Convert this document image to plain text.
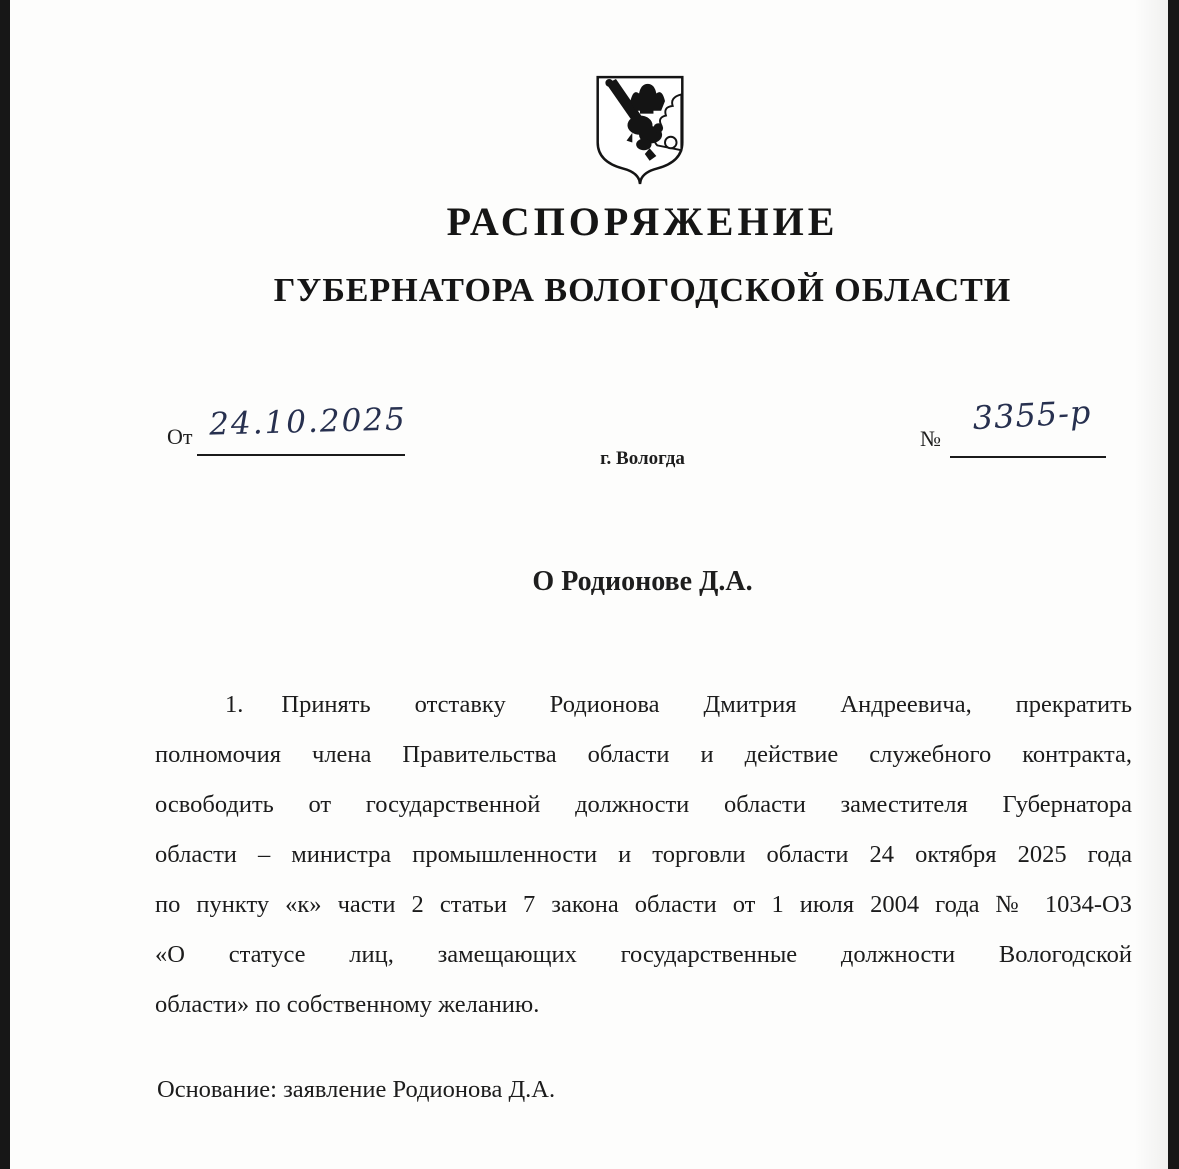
РАСПОРЯЖЕНИЕ
ГУБЕРНАТОРА ВОЛОГОДСКОЙ ОБЛАСТИ
От 24.10.2025	№
3355-р
г. Вологда
О Родионове Д.А.
1. Принять отставку Родионова Дмитрия Андреевича, прекратить
полномочия члена Правительства области и действие служебного контракта,
освободить от государственной должности области заместителя Губернатора
области – министра промышленности и торговли области 24 октября 2025 года
по пункту «к» части 2 статьи 7 закона области от 1 июля 2004 года № 1034-ОЗ
«О статусе лиц, замещающих государственные должности Вологодской
области» по собственному желанию.
Основание: заявление Родионова Д.А.
